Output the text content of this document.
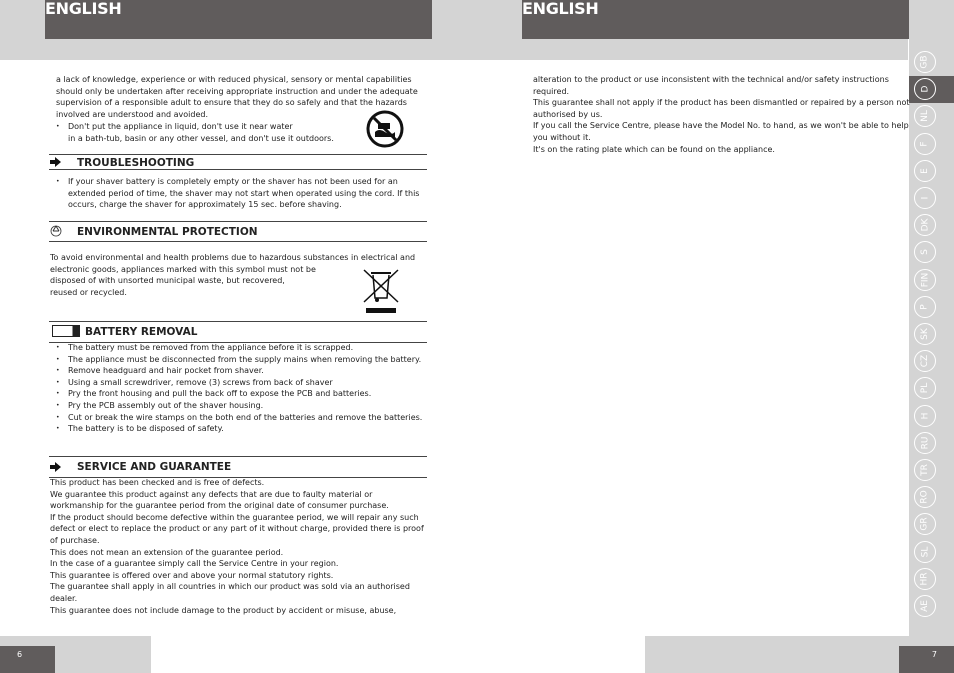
ENGLISH	ENGLISH
GB
D
NL
F
E
I
DK
S
FIN
P
SK
CZ
PL
H
RU
TR
RO
GR
SL
HR
AE

a lack of knowledge, experience or with reduced physical, sensory or mental capabilities should only be undertaken after receiving appropriate instruction and under the adequate supervision of a responsible adult to ensure that they do so safely and that the hazards involved are understood and avoided.

• Don't put the appliance in liquid, don't use it near water
in a bath-tub, basin or any other vessel, and don't use it outdoors.
TROUBLESHOOTING
• If your shaver battery is completely empty or the shaver has not been used for an extended period of time, the shaver may not start when operated using the cord. If this occurs, charge the shaver for approximately 15 sec. before shaving.
ENVIRONMENTAL PROTECTION

To avoid environmental and health problems due to hazardous substances in electrical and

electronic goods, appliances marked with this symbol must not be

disposed of with unsorted municipal waste, but recovered,

reused or recycled.

BATTERY REMOVAL
• The battery must be removed from the appliance before it is scrapped.
• The appliance must be disconnected from the supply mains when removing the battery.
• Remove headguard and hair pocket from shaver.
• Using a small screwdriver, remove (3) screws from back of shaver
• Pry the front housing and pull the back off to expose the PCB and batteries.
• Pry the PCB assembly out of the shaver housing.
• Cut or break the wire stamps on the both end of the batteries and remove the batteries.
• The battery is to be disposed of safety.
SERVICE AND GUARANTEE

This product has been checked and is free of defects.

We guarantee this product against any defects that are due to faulty material or workmanship for the guarantee period from the original date of consumer purchase.

If the product should become defective within the guarantee period, we will repair any such defect or elect to replace the product or any part of it without charge, provided there is proof of purchase.

This does not mean an extension of the guarantee period.

In the case of a guarantee simply call the Service Centre in your region.

This guarantee is offered over and above your normal statutory rights.

The guarantee shall apply in all countries in which our product was sold via an authorised dealer.

This guarantee does not include damage to the product by accident or misuse, abuse,

alteration to the product or use inconsistent with the technical and/or safety instructions required.

This guarantee shall not apply if the product has been dismantled or repaired by a person not authorised by us.

If you call the Service Centre, please have the Model No. to hand, as we won't be able to help you without it.

It's on the rating plate which can be found on the appliance.

6	7
